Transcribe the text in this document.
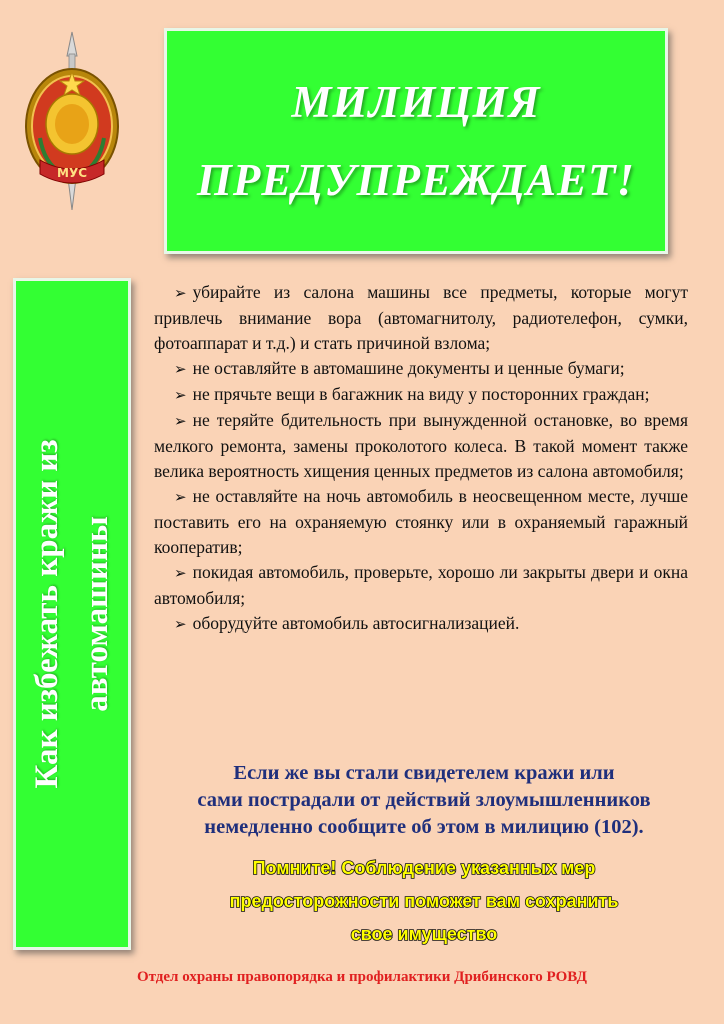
МУС
МИЛИЦИЯ
ПРЕДУПРЕЖДАЕТ!
Как избежать кражи из автомашины
➢ убирайте из салона машины все предметы, которые могут привлечь внимание вора (автомагнитолу, радиотелефон, сумки, фотоаппарат и т.д.) и стать причиной взлома;
➢ не оставляйте в автомашине документы и ценные бумаги;
➢ не прячьте вещи в багажник на виду у посторонних граждан;
➢ не теряйте бдительность при вынужденной остановке, во время мелкого ремонта, замены проколотого колеса. В такой момент также велика вероятность хищения ценных предметов из салона автомобиля;
➢ не оставляйте на ночь автомобиль в неосвещенном месте, лучше поставить его на охраняемую стоянку или в охраняемый гаражный кооператив;
➢ покидая автомобиль, проверьте, хорошо ли закрыты двери и окна автомобиля;
➢ оборудуйте автомобиль автосигнализацией.
Если же вы стали свидетелем кражи или
сами пострадали от действий злоумышленников
немедленно сообщите об этом в милицию (102).
Помните! Соблюдение указанных мер
предосторожности поможет вам сохранить
свое имущество
Отдел охраны правопорядка и профилактики Дрибинского РОВД
